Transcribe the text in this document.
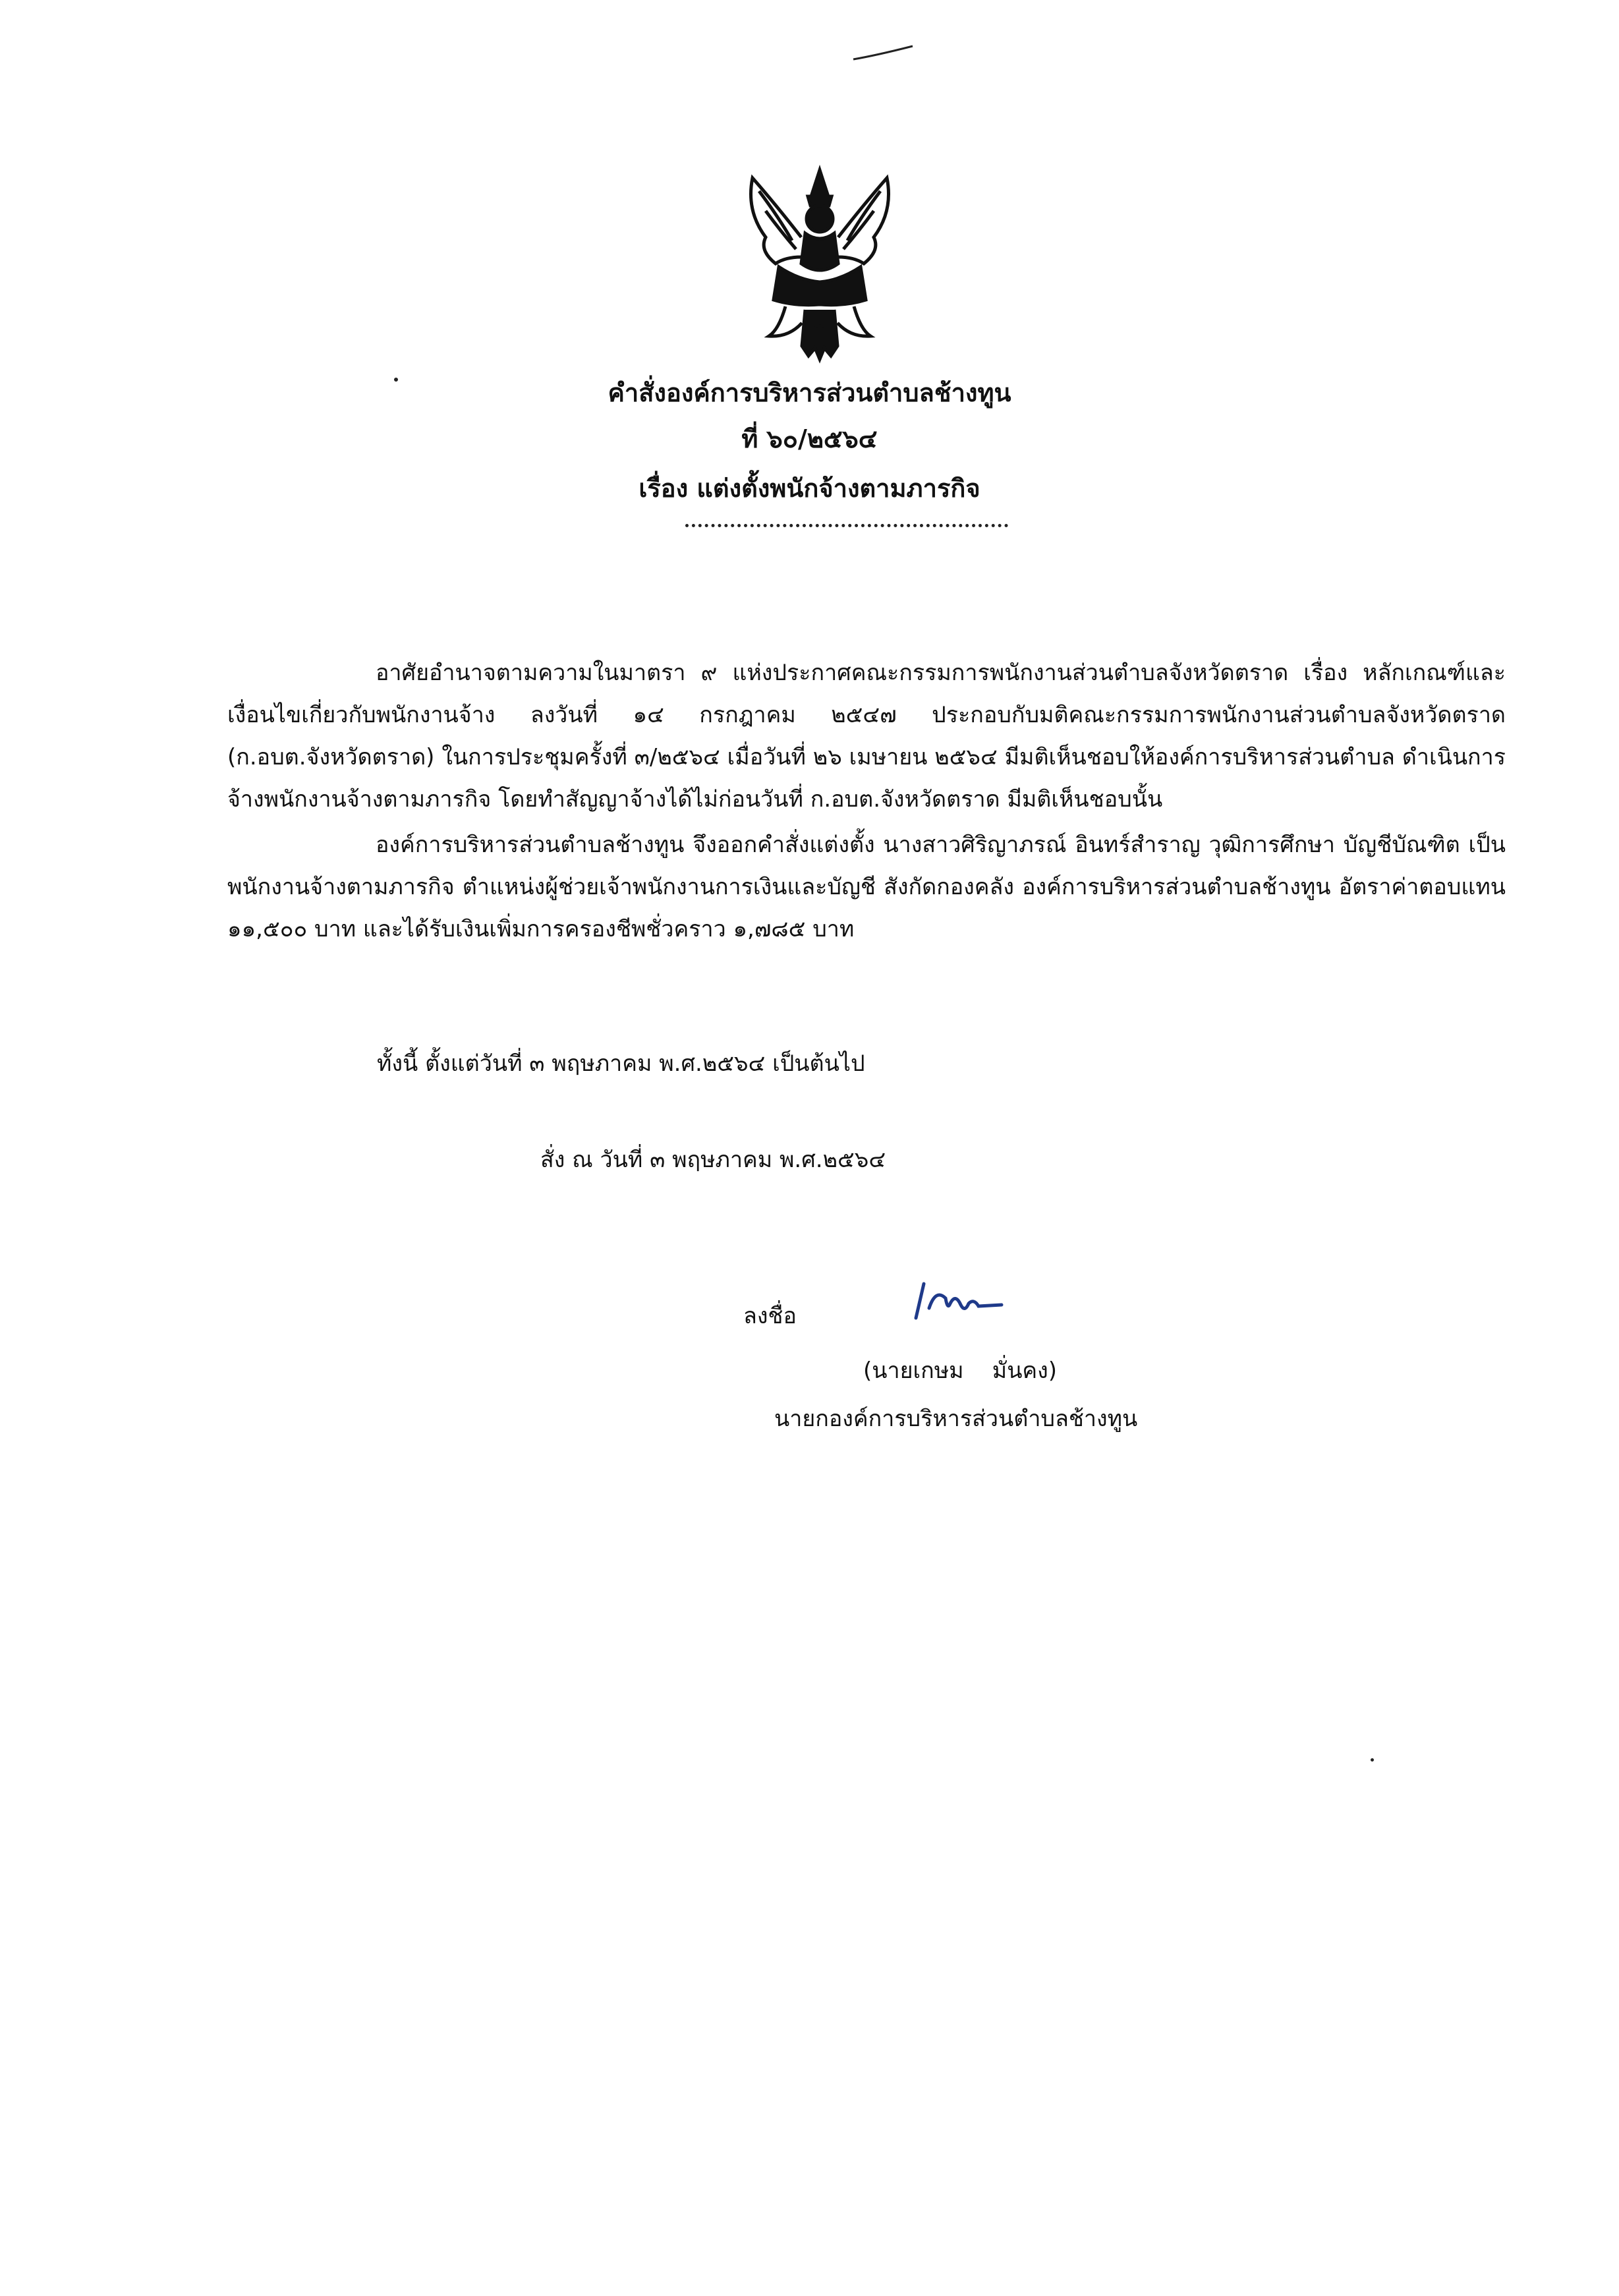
คำสั่งองค์การบริหารส่วนตำบลช้างทูน
ที่ ๖๐/๒๕๖๔
เรื่อง แต่งตั้งพนักจ้างตามภารกิจ
อาศัยอำนาจตามความในมาตรา ๙ แห่งประกาศคณะกรรมการพนักงานส่วนตำบลจังหวัดตราด เรื่อง หลักเกณฑ์และเงื่อนไขเกี่ยวกับพนักงานจ้าง ลงวันที่ ๑๔ กรกฎาคม ๒๕๔๗ ประกอบกับมติคณะกรรมการพนักงานส่วนตำบลจังหวัดตราด (ก.อบต.จังหวัดตราด) ในการประชุมครั้งที่ ๓/๒๕๖๔ เมื่อวันที่ ๒๖ เมษายน ๒๕๖๔ มีมติเห็นชอบให้องค์การบริหารส่วนตำบล ดำเนินการจ้างพนักงานจ้างตามภารกิจ โดยทำสัญญาจ้างได้ไม่ก่อนวันที่ ก.อบต.จังหวัดตราด มีมติเห็นชอบนั้น
องค์การบริหารส่วนตำบลช้างทูน จึงออกคำสั่งแต่งตั้ง นางสาวศิริญาภรณ์ อินทร์สำราญ วุฒิการศึกษา บัญชีบัณฑิต เป็นพนักงานจ้างตามภารกิจ ตำแหน่งผู้ช่วยเจ้าพนักงานการเงินและบัญชี สังกัดกองคลัง องค์การบริหารส่วนตำบลช้างทูน อัตราค่าตอบแทน ๑๑,๕๐๐ บาท และได้รับเงินเพิ่มการครองชีพชั่วคราว ๑,๗๘๕ บาท
ทั้งนี้ ตั้งแต่วันที่ ๓ พฤษภาคม พ.ศ.๒๕๖๔ เป็นต้นไป
สั่ง ณ วันที่ ๓ พฤษภาคม พ.ศ.๒๕๖๔
ลงชื่อ
(นายเกษม    มั่นคง)
นายกองค์การบริหารส่วนตำบลช้างทูน
